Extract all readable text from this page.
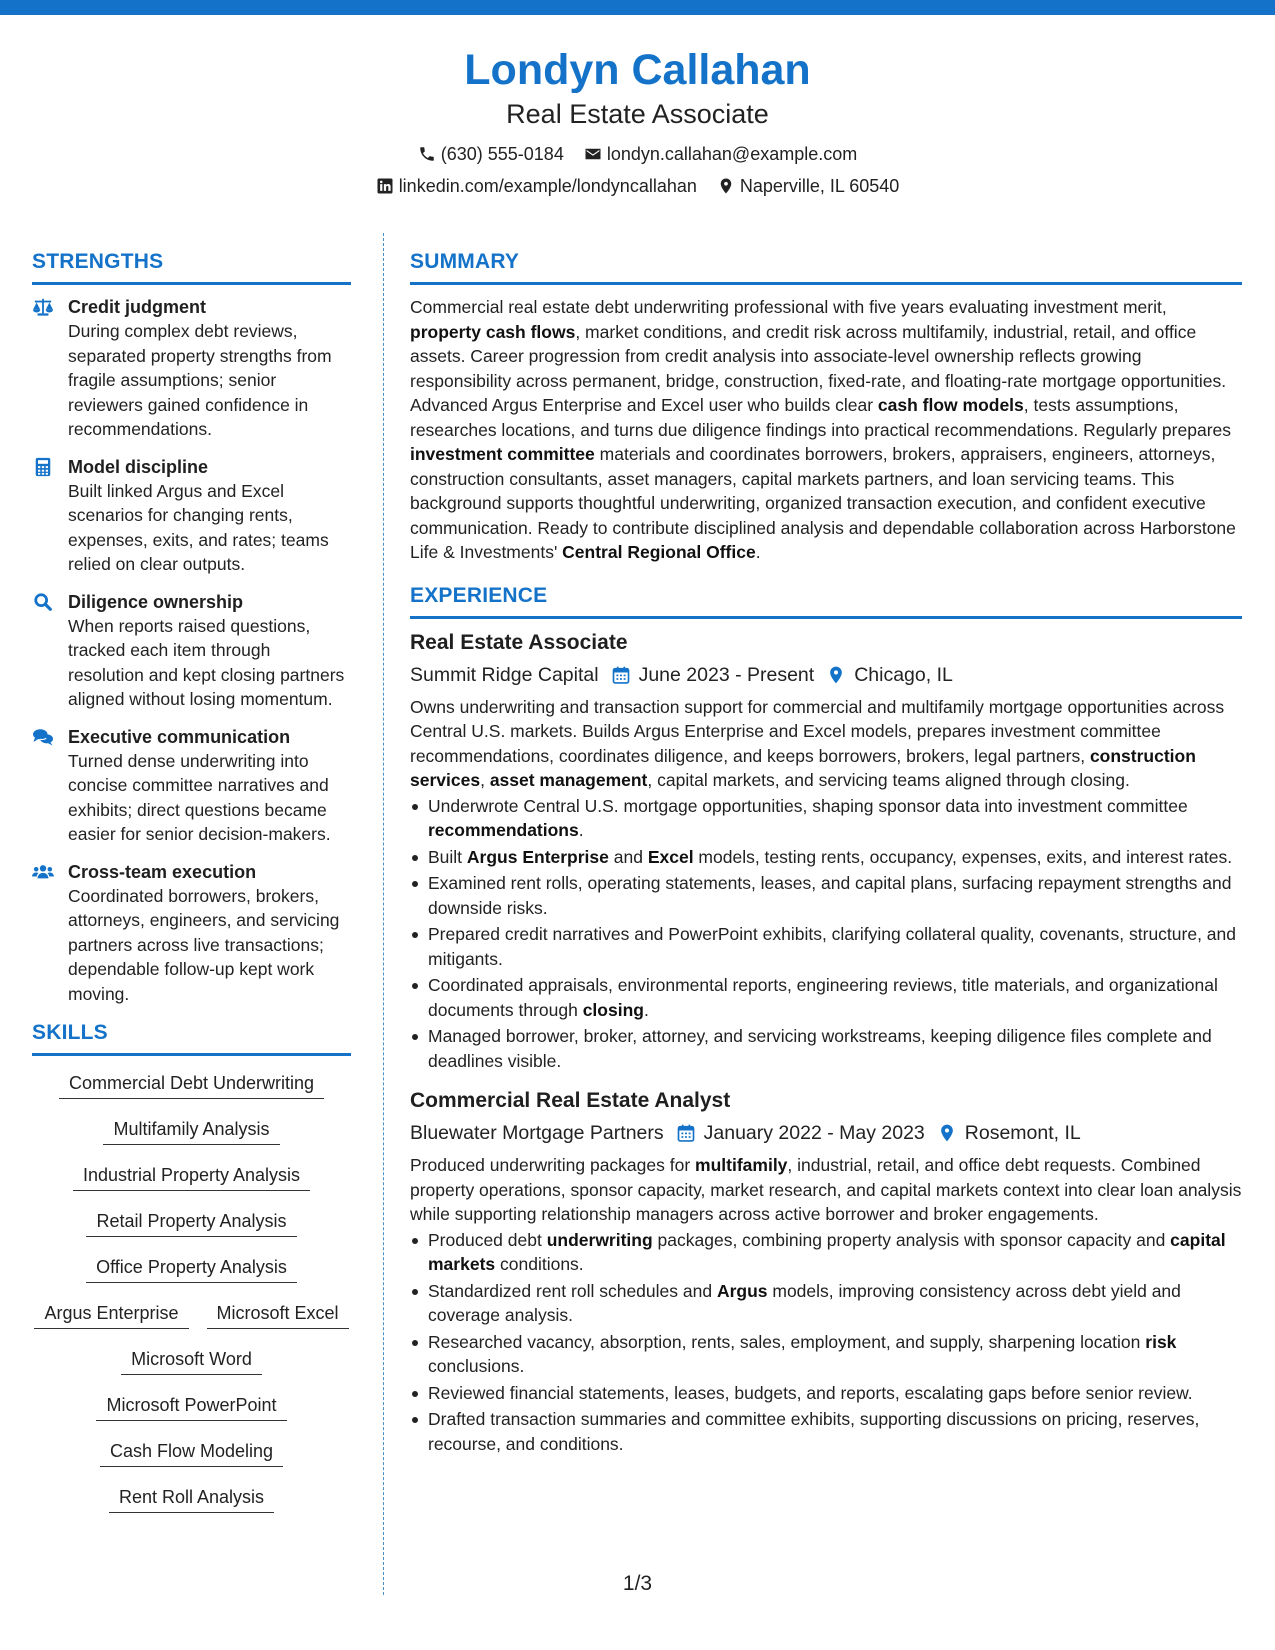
Londyn Callahan
Real Estate Associate
(630) 555-0184 londyn.callahan@example.com
linkedin.com/example/londyncallahan Naperville, IL 60540
STRENGTHS
Credit judgment
During complex debt reviews, separated property strengths from fragile assumptions; senior reviewers gained confidence in recommendations.
Model discipline
Built linked Argus and Excel scenarios for changing rents, expenses, exits, and rates; teams relied on clear outputs.
Diligence ownership
When reports raised questions, tracked each item through resolution and kept closing partners aligned without losing momentum.
Executive communication
Turned dense underwriting into concise committee narratives and exhibits; direct questions became easier for senior decision-makers.
Cross-team execution
Coordinated borrowers, brokers, attorneys, engineers, and servicing partners across live transactions; dependable follow-up kept work moving.
SKILLS
Commercial Debt Underwriting
Multifamily Analysis
Industrial Property Analysis
Retail Property Analysis
Office Property Analysis
Argus Enterprise	Microsoft Excel
Microsoft Word
Microsoft PowerPoint
Cash Flow Modeling
Rent Roll Analysis
SUMMARY
Commercial real estate debt underwriting professional with five years evaluating investment merit, property cash flows, market conditions, and credit risk across multifamily, industrial, retail, and office assets. Career progression from credit analysis into associate-level ownership reflects growing responsibility across permanent, bridge, construction, fixed-rate, and floating-rate mortgage opportunities. Advanced Argus Enterprise and Excel user who builds clear cash flow models, tests assumptions, researches locations, and turns due diligence findings into practical recommendations. Regularly prepares investment committee materials and coordinates borrowers, brokers, appraisers, engineers, attorneys, construction consultants, asset managers, capital markets partners, and loan servicing teams. This background supports thoughtful underwriting, organized transaction execution, and confident executive communication. Ready to contribute disciplined analysis and dependable collaboration across Harborstone Life & Investments' Central Regional Office.
EXPERIENCE
Real Estate Associate
Summit Ridge Capital June 2023 - Present Chicago, IL
Owns underwriting and transaction support for commercial and multifamily mortgage opportunities across Central U.S. markets. Builds Argus Enterprise and Excel models, prepares investment committee recommendations, coordinates diligence, and keeps borrowers, brokers, legal partners, construction services, asset management, capital markets, and servicing teams aligned through closing.
Underwrote Central U.S. mortgage opportunities, shaping sponsor data into investment committee recommendations.
Built Argus Enterprise and Excel models, testing rents, occupancy, expenses, exits, and interest rates.
Examined rent rolls, operating statements, leases, and capital plans, surfacing repayment strengths and downside risks.
Prepared credit narratives and PowerPoint exhibits, clarifying collateral quality, covenants, structure, and mitigants.
Coordinated appraisals, environmental reports, engineering reviews, title materials, and organizational documents through closing.
Managed borrower, broker, attorney, and servicing workstreams, keeping diligence files complete and deadlines visible.
Commercial Real Estate Analyst
Bluewater Mortgage Partners January 2022 - May 2023 Rosemont, IL
Produced underwriting packages for multifamily, industrial, retail, and office debt requests. Combined property operations, sponsor capacity, market research, and capital markets context into clear loan analysis while supporting relationship managers across active borrower and broker engagements.
Produced debt underwriting packages, combining property analysis with sponsor capacity and capital markets conditions.
Standardized rent roll schedules and Argus models, improving consistency across debt yield and coverage analysis.
Researched vacancy, absorption, rents, sales, employment, and supply, sharpening location risk conclusions.
Reviewed financial statements, leases, budgets, and reports, escalating gaps before senior review.
Drafted transaction summaries and committee exhibits, supporting discussions on pricing, reserves, recourse, and conditions.
1/3
